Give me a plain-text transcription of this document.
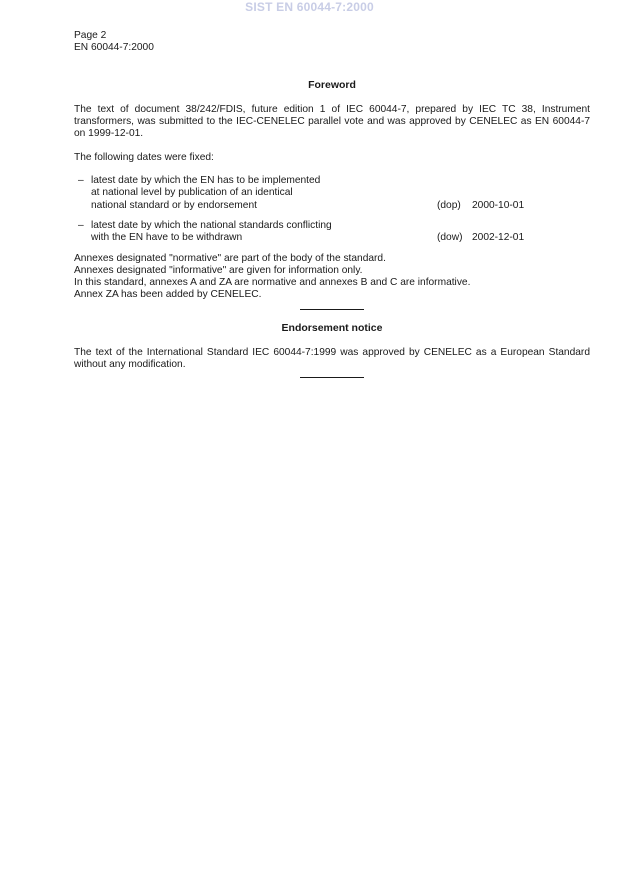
SIST EN 60044-7:2000
Page 2
EN 60044-7:2000
Foreword
The text of document 38/242/FDIS, future edition 1 of IEC 60044-7, prepared by IEC TC 38, Instrument transformers, was submitted to the IEC-CENELEC parallel vote and was approved by CENELEC as EN 60044-7 on 1999-12-01.
The following dates were fixed:
– latest date by which the EN has to be implemented
at national level by publication of an identical
national standard or by endorsement	(dop) 2000-10-01
– latest date by which the national standards conflicting
with the EN have to be withdrawn	(dow) 2002-12-01
Annexes designated "normative" are part of the body of the standard.
Annexes designated "informative" are given for information only.
In this standard, annexes A and ZA are normative and annexes B and C are informative.
Annex ZA has been added by CENELEC.
Endorsement notice
The text of the International Standard IEC 60044-7:1999 was approved by CENELEC as a European Standard without any modification.
